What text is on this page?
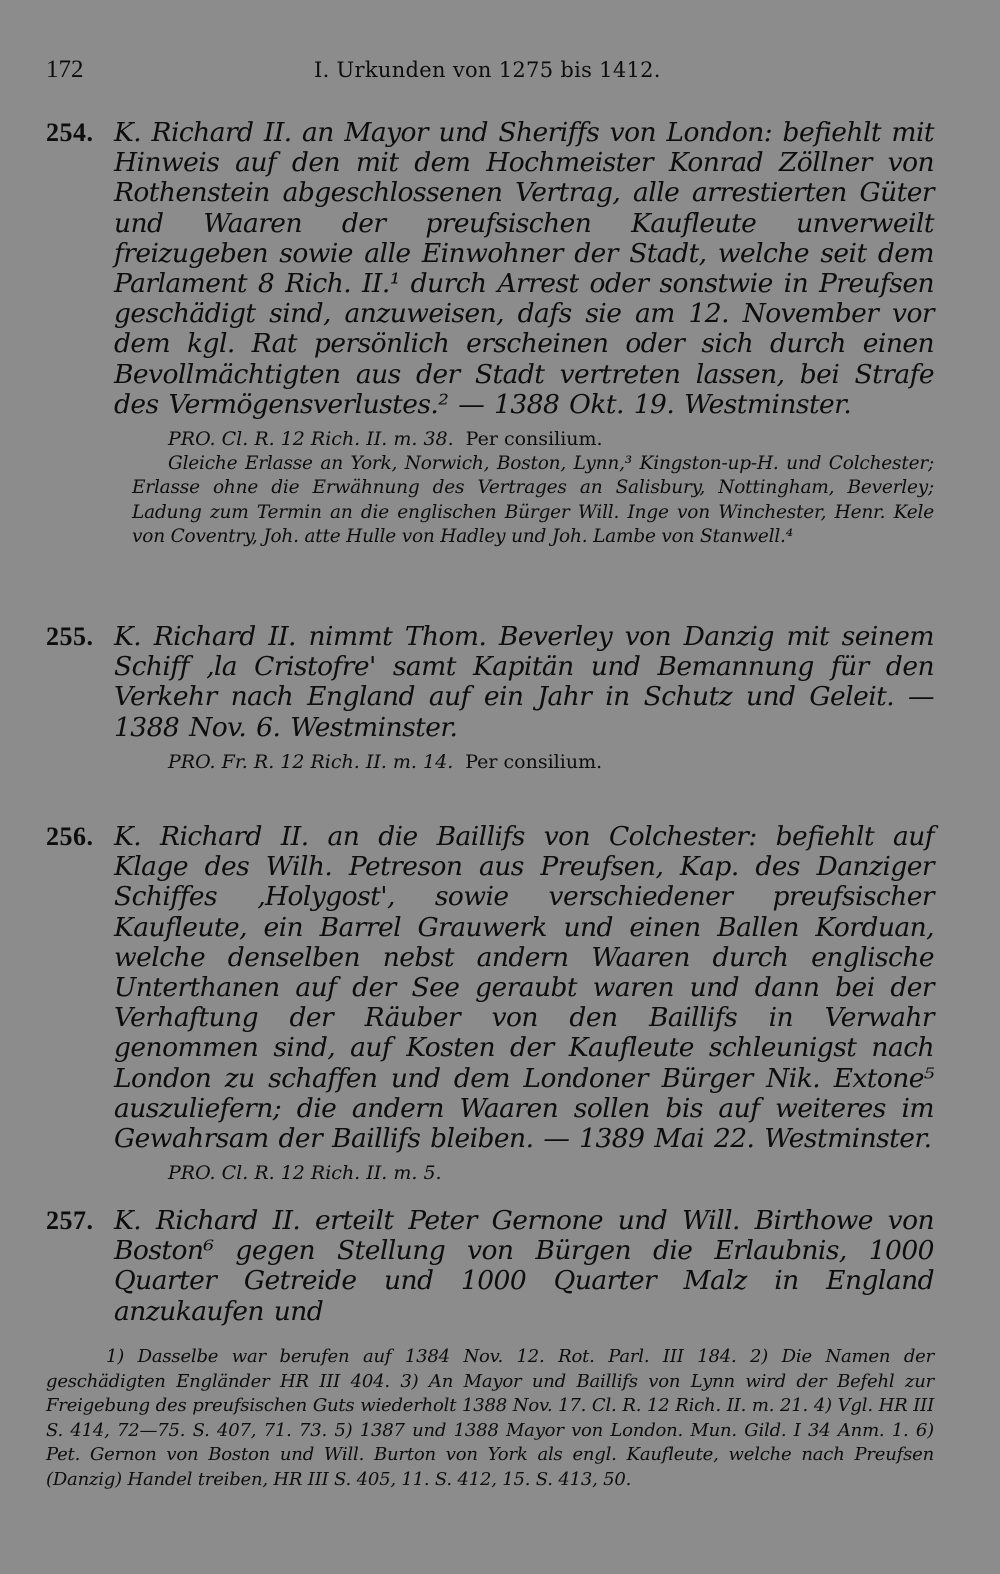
172	I. Urkunden von 1275 bis 1412.
254. K. Richard II. an Mayor und Sheriffs von London: befiehlt mit Hinweis auf den mit dem Hochmeister Konrad Zöllner von Rothenstein abgeschlossenen Vertrag, alle arrestierten Güter und Waaren der preufsischen Kaufleute unverweilt freizugeben sowie alle Einwohner der Stadt, welche seit dem Parlament 8 Rich. II.¹ durch Arrest oder sonstwie in Preufsen geschädigt sind, anzuweisen, dafs sie am 12. November vor dem kgl. Rat persönlich erscheinen oder sich durch einen Bevollmächtigten aus der Stadt vertreten lassen, bei Strafe des Vermögensverlustes.² — 1388 Okt. 19. Westminster.
PRO. Cl. R. 12 Rich. II. m. 38. Per consilium.
Gleiche Erlasse an York, Norwich, Boston, Lynn,³ Kingston-up-H. und Colchester; Erlasse ohne die Erwähnung des Vertrages an Salisbury, Nottingham, Beverley; Ladung zum Termin an die englischen Bürger Will. Inge von Winchester, Henr. Kele von Coventry, Joh. atte Hulle von Hadley und Joh. Lambe von Stanwell.⁴
255. K. Richard II. nimmt Thom. Beverley von Danzig mit seinem Schiff ‚la Cristofre' samt Kapitän und Bemannung für den Verkehr nach England auf ein Jahr in Schutz und Geleit. — 1388 Nov. 6. Westminster.
PRO. Fr. R. 12 Rich. II. m. 14. Per consilium.
256. K. Richard II. an die Baillifs von Colchester: befiehlt auf Klage des Wilh. Petreson aus Preufsen, Kap. des Danziger Schiffes ‚Holygost', sowie verschiedener preufsischer Kaufleute, ein Barrel Grauwerk und einen Ballen Korduan, welche denselben nebst andern Waaren durch englische Unterthanen auf der See geraubt waren und dann bei der Verhaftung der Räuber von den Baillifs in Verwahr genommen sind, auf Kosten der Kaufleute schleunigst nach London zu schaffen und dem Londoner Bürger Nik. Extone⁵ auszuliefern; die andern Waaren sollen bis auf weiteres im Gewahrsam der Baillifs bleiben. — 1389 Mai 22. Westminster.
PRO. Cl. R. 12 Rich. II. m. 5.
257. K. Richard II. erteilt Peter Gernone und Will. Birthowe von Boston⁶ gegen Stellung von Bürgen die Erlaubnis, 1000 Quarter Getreide und 1000 Quarter Malz in England anzukaufen und
1) Dasselbe war berufen auf 1384 Nov. 12. Rot. Parl. III 184. 2) Die Namen der geschädigten Engländer HR III 404. 3) An Mayor und Baillifs von Lynn wird der Befehl zur Freigebung des preufsischen Guts wiederholt 1388 Nov. 17. Cl. R. 12 Rich. II. m. 21. 4) Vgl. HR III S. 414, 72—75. S. 407, 71. 73. 5) 1387 und 1388 Mayor von London. Mun. Gild. I 34 Anm. 1. 6) Pet. Gernon von Boston und Will. Burton von York als engl. Kaufleute, welche nach Preufsen (Danzig) Handel treiben, HR III S. 405, 11. S. 412, 15. S. 413, 50.
